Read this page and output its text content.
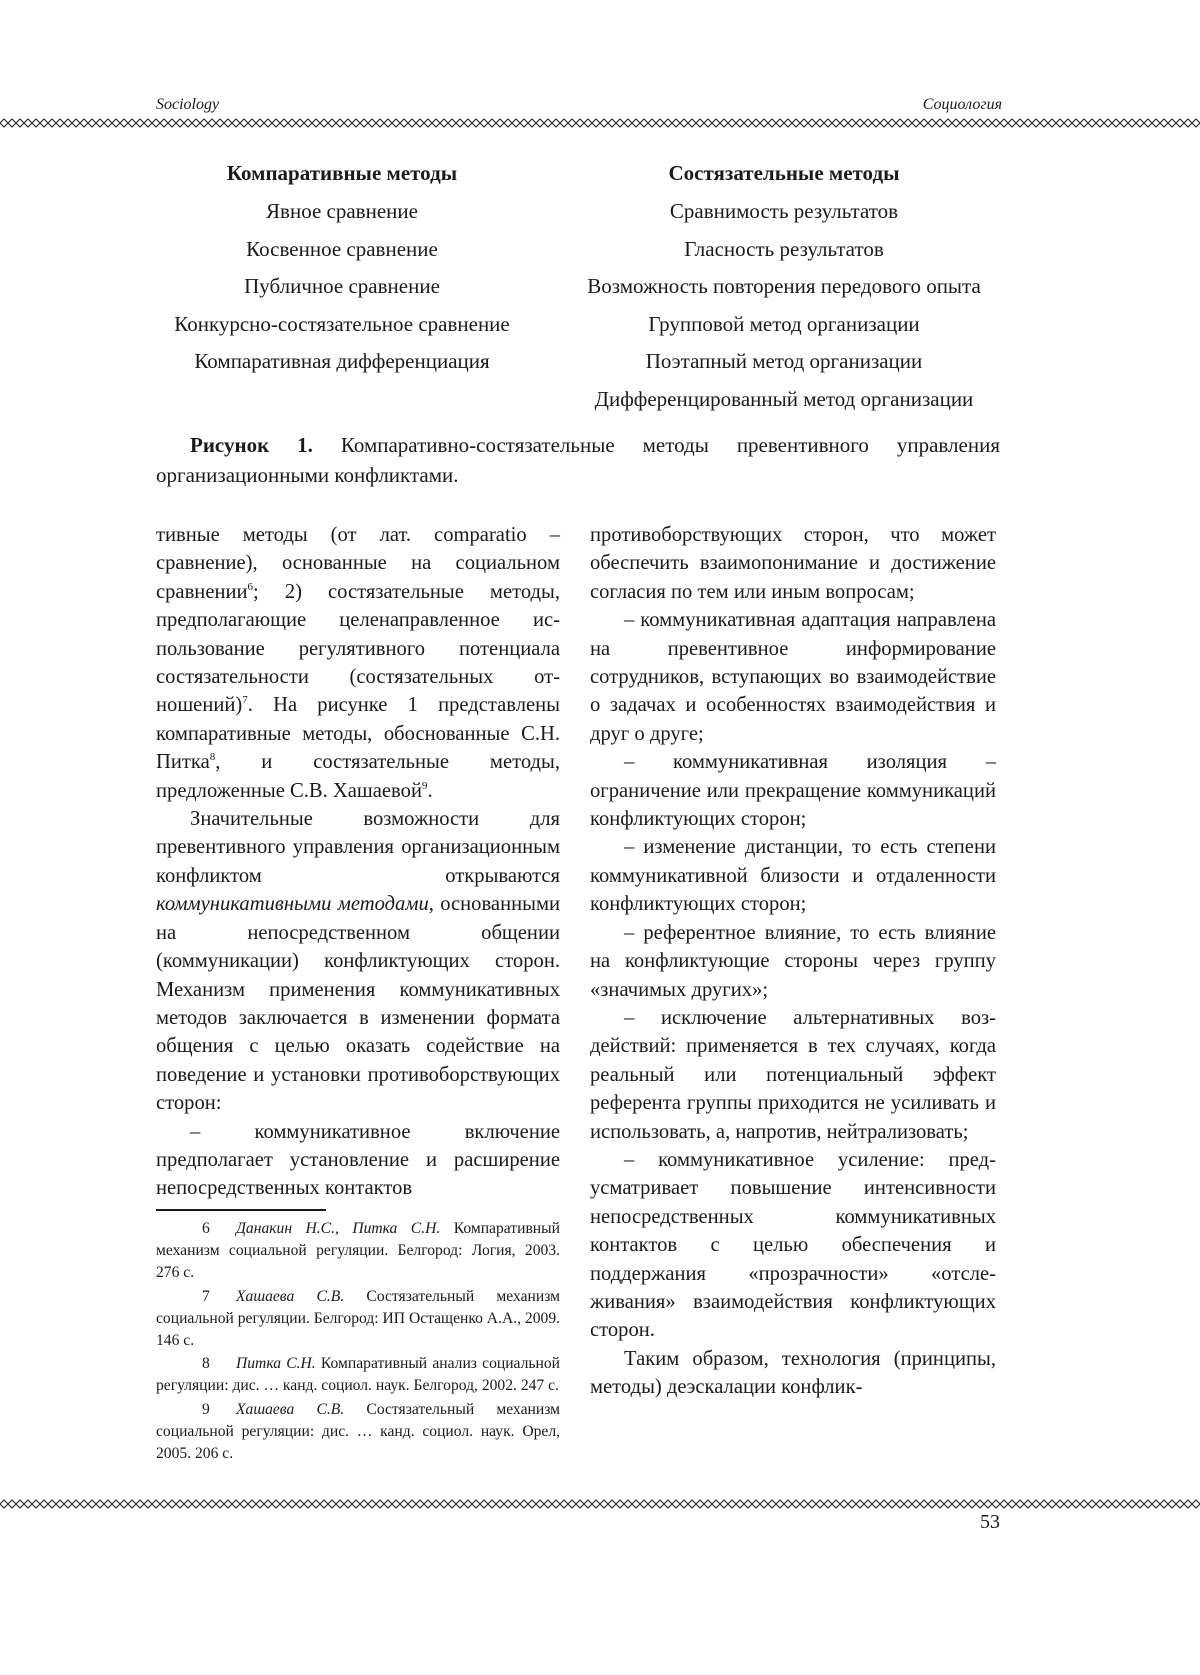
Sociology	Социология
Компаративные методы
Явное сравнение
Косвенное сравнение
Публичное сравнение
Конкурсно-состязательное сравнение
Компаративная дифференциация
Состязательные методы
Сравнимость результатов
Гласность результатов
Возможность повторения передового опыта
Групповой метод организации
Поэтапный метод организации
Дифференцированный метод организации
Рисунок 1. Компаративно-состязательные методы превентивного управления организационными конфликтами.

тивные методы (от лат. comparatio – сравнение), основанные на социальном сравнении$^6$; 2) состязательные методы, предполагающие целенаправленное использование регулятивного потенциала состязательности (состязательных отношений)$^7$. На рисунке 1 представлены компаративные методы, обоснованные С.Н. Питка$^8$, и состязательные методы, предложенные С.В. Хашаевой$^9$.

Значительные возможности для превентивного управления организационным конфликтом открываются коммуникативными методами, основанными на непосредственном общении (коммуникации) конфликтующих сторон. Механизм применения коммуникативных методов заключается в изменении формата общения с целью оказать содействие на поведение и установки противоборствующих сторон:

– коммуникативное включение предполагает установление и расширение непосредственных контактов

6 Данакин Н.С., Питка С.Н. Компаративный механизм социальной регуляции. Белгород: Логия, 2003. 276 с.

7 Хашаева С.В. Состязательный механизм социальной регуляции. Белгород: ИП Остащенко А.А., 2009. 146 с.

8 Питка С.Н. Компаративный анализ социальной регуляции: дис. … канд. социол. наук. Белгород, 2002. 247 с.

9 Хашаева С.В. Состязательный механизм социальной регуляции: дис. … канд. социол. наук. Орел, 2005. 206 с.

противоборствующих сторон, что может обеспечить взаимопонимание и достижение согласия по тем или иным вопросам;

– коммуникативная адаптация направлена на превентивное информирование сотрудников, вступающих во взаимодействие о задачах и особенностях взаимодействия и друг о друге;

– коммуникативная изоляция – ограничение или прекращение коммуникаций конфликтующих сторон;

– изменение дистанции, то есть степени коммуникативной близости и отдаленности конфликтующих сторон;

– референтное влияние, то есть влияние на конфликтующие стороны через группу «значимых других»;

– исключение альтернативных воздействий: применяется в тех случаях, когда реальный или потенциальный эффект референта группы приходится не усиливать и использовать, а, напротив, нейтрализовать;

– коммуникативное усиление: предусматривает повышение интенсивности непосредственных коммуникативных контактов с целью обеспечения и поддержания «прозрачности» «отслеживания» взаимодействия конфликтующих сторон.

Таким образом, технология (принципы, методы) деэскалации конфлик-

53
